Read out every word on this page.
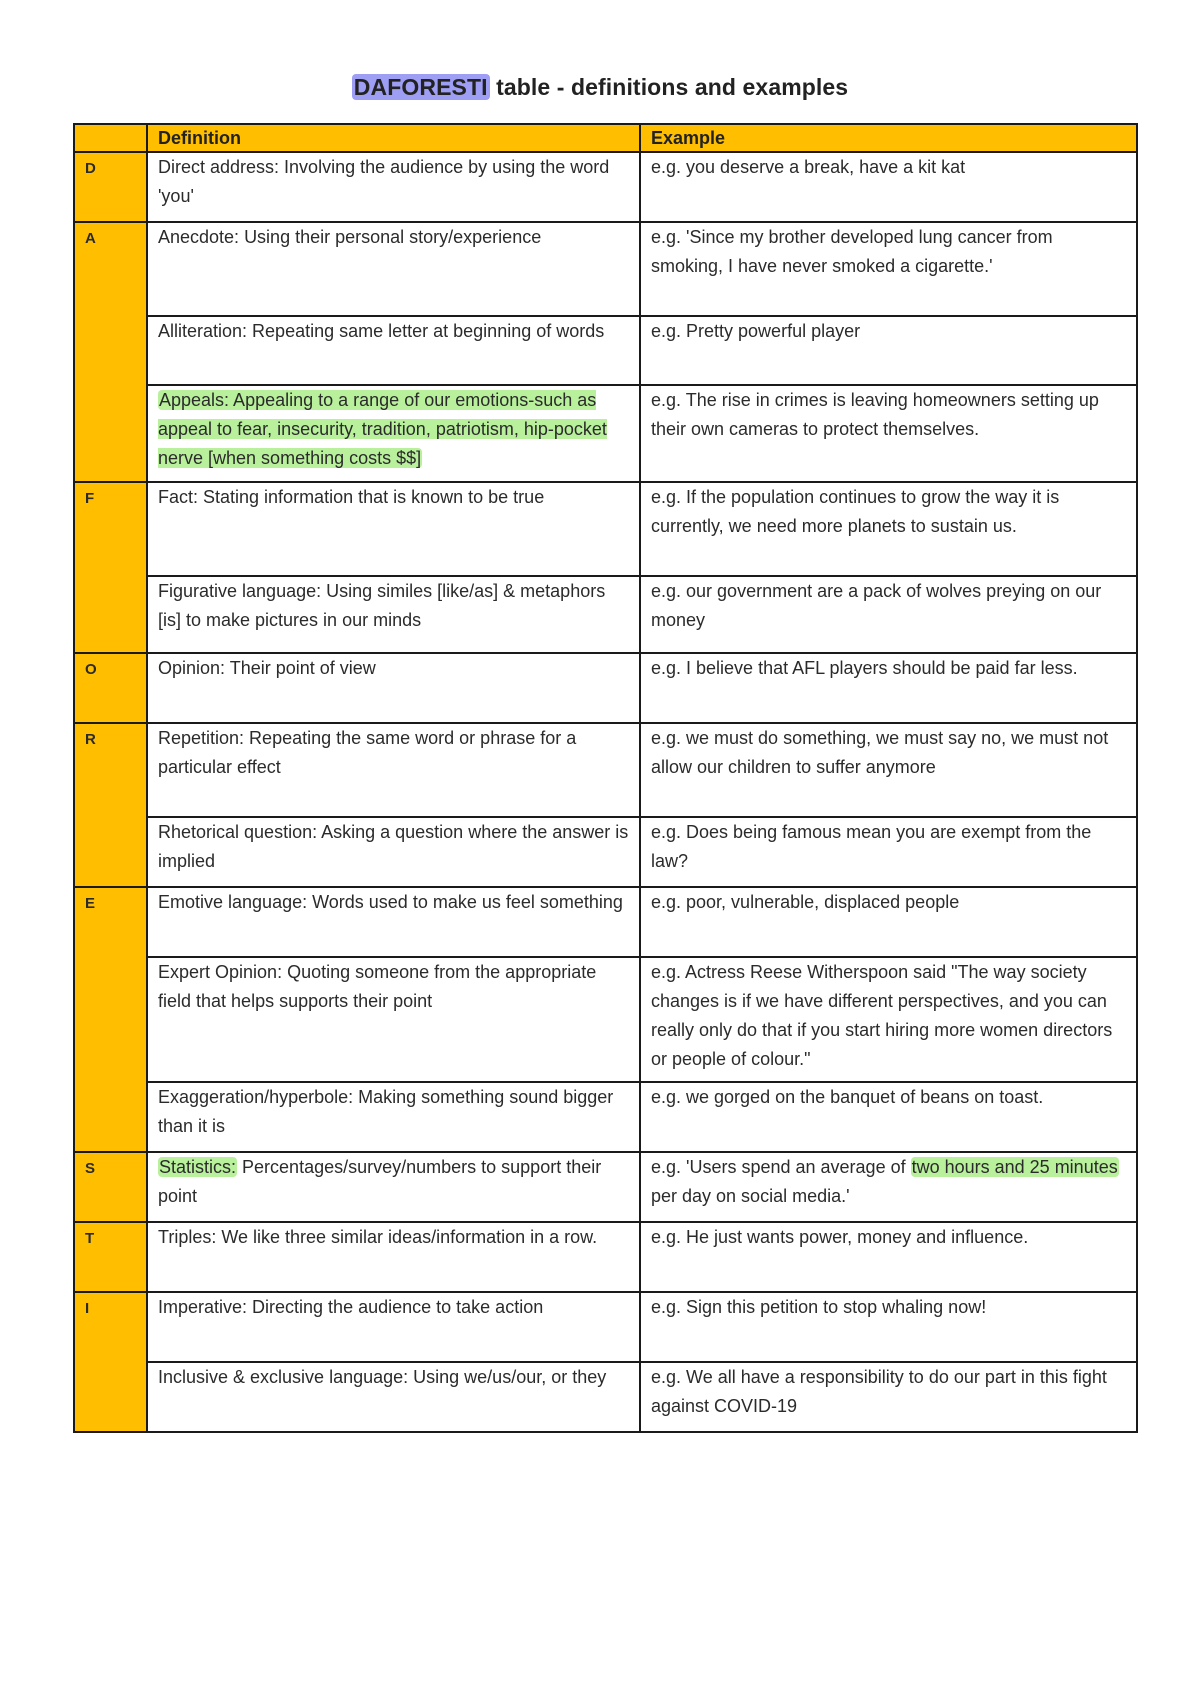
DAFORESTI table - definitions and examples
	Definition	Example
D	Direct address: Involving the audience by using the word 'you'	e.g. you deserve a break, have a kit kat
A	Anecdote: Using their personal story/experience	e.g. 'Since my brother developed lung cancer from smoking, I have never smoked a cigarette.'
	Alliteration: Repeating same letter at beginning of words	e.g. Pretty powerful player
	Appeals: Appealing to a range of our emotions-such as appeal to fear, insecurity, tradition, patriotism, hip-pocket nerve [when something costs $$]	e.g. The rise in crimes is leaving homeowners setting up their own cameras to protect themselves.
F	Fact: Stating information that is known to be true	e.g. If the population continues to grow the way it is currently, we need more planets to sustain us.
	Figurative language: Using similes [like/as] & metaphors [is] to make pictures in our minds	e.g. our government are a pack of wolves preying on our money
O	Opinion: Their point of view	e.g. I believe that AFL players should be paid far less.
R	Repetition: Repeating the same word or phrase for a particular effect	e.g. we must do something, we must say no, we must not allow our children to suffer anymore
	Rhetorical question: Asking a question where the answer is implied	e.g. Does being famous mean you are exempt from the law?
E	Emotive language: Words used to make us feel something	e.g. poor, vulnerable, displaced people
	Expert Opinion: Quoting someone from the appropriate field that helps supports their point	e.g. Actress Reese Witherspoon said "The way society changes is if we have different perspectives, and you can really only do that if you start hiring more women directors or people of colour."
	Exaggeration/hyperbole: Making something sound bigger than it is	e.g. we gorged on the banquet of beans on toast.
S	Statistics: Percentages/survey/numbers to support their point	e.g. 'Users spend an average of two hours and 25 minutes per day on social media.'
T	Triples: We like three similar ideas/information in a row.	e.g. He just wants power, money and influence.
I	Imperative: Directing the audience to take action	e.g. Sign this petition to stop whaling now!
	Inclusive & exclusive language: Using we/us/our, or they	e.g. We all have a responsibility to do our part in this fight against COVID-19
